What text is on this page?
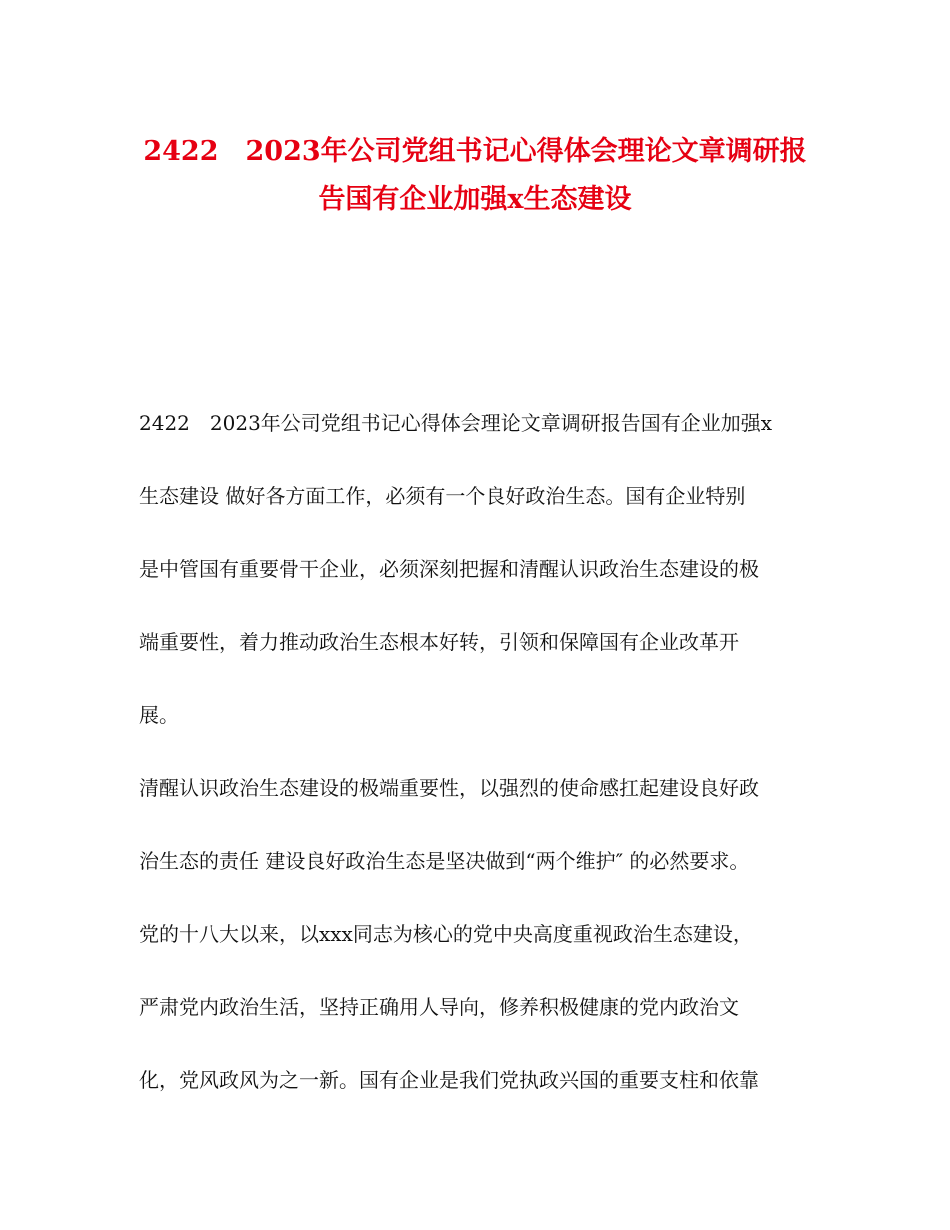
2422　2023年公司党组书记心得体会理论文章调研报
告国有企业加强x生态建设
2422　2023年公司党组书记心得体会理论文章调研报告国有企业加强x
生态建设 做好各方面工作，必须有一个良好政治生态。国有企业特别
是中管国有重要骨干企业，必须深刻把握和清醒认识政治生态建设的极
端重要性，着力推动政治生态根本好转，引领和保障国有企业改革开
展。
清醒认识政治生态建设的极端重要性，以强烈的使命感扛起建设良好政
治生态的责任 建设良好政治生态是坚决做到“两个维护″ 的必然要求。
党的十八大以来，以xxx同志为核心的党中央高度重视政治生态建设，
严肃党内政治生活，坚持正确用人导向，修养积极健康的党内政治文
化，党风政风为之一新。国有企业是我们党执政兴国的重要支柱和依靠
